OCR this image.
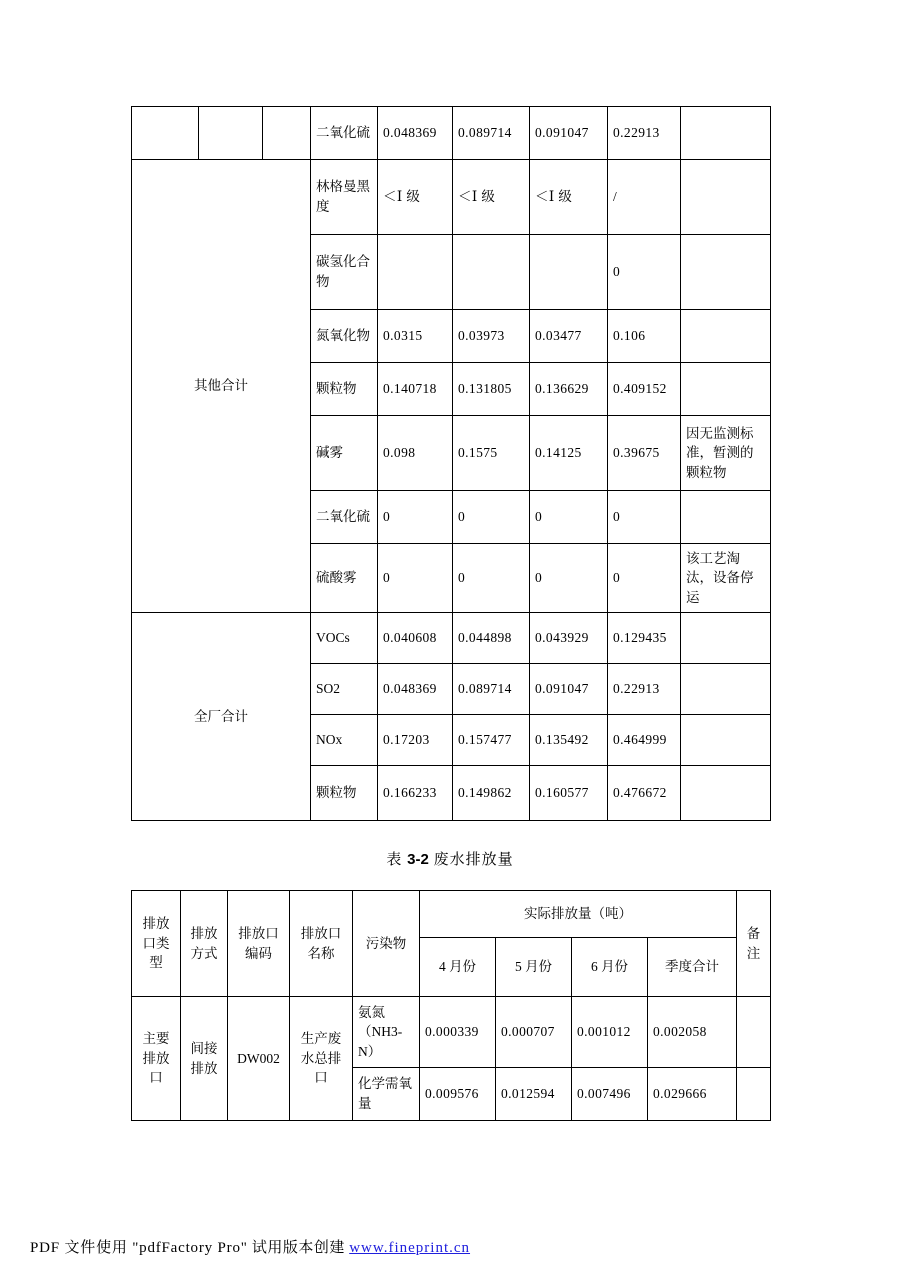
			二氧化硫	0.048369	0.089714	0.091047	0.22913	
其他合计			林格曼黑度	＜Ⅰ 级	＜Ⅰ 级	＜Ⅰ 级	/	
			碳氢化合物				0	
			氮氧化物	0.0315	0.03973	0.03477	0.106	
			颗粒物	0.140718	0.131805	0.136629	0.409152	
			碱雾	0.098	0.1575	0.14125	0.39675	因无监测标准，暂测的颗粒物
			二氧化硫	0	0	0	0	
			硫酸雾	0	0	0	0	该工艺淘汰，设备停运
全厂合计			VOCs	0.040608	0.044898	0.043929	0.129435	
			SO2	0.048369	0.089714	0.091047	0.22913	
			NOx	0.17203	0.157477	0.135492	0.464999	
			颗粒物	0.166233	0.149862	0.160577	0.476672	
表 3-2 废水排放量
排放口类型	排放方式	排放口编码	排放口名称	污染物	实际排放量（吨）				备注
					4 月份	5 月份	6 月份	季度合计	
主要排放口	间接排放	DW002	生产废水总排口	氨氮（NH3-N）	0.000339	0.000707	0.001012	0.002058	
				化学需氧量	0.009576	0.012594	0.007496	0.029666	
PDF 文件使用 "pdfFactory Pro" 试用版本创建 www.fineprint.cn
